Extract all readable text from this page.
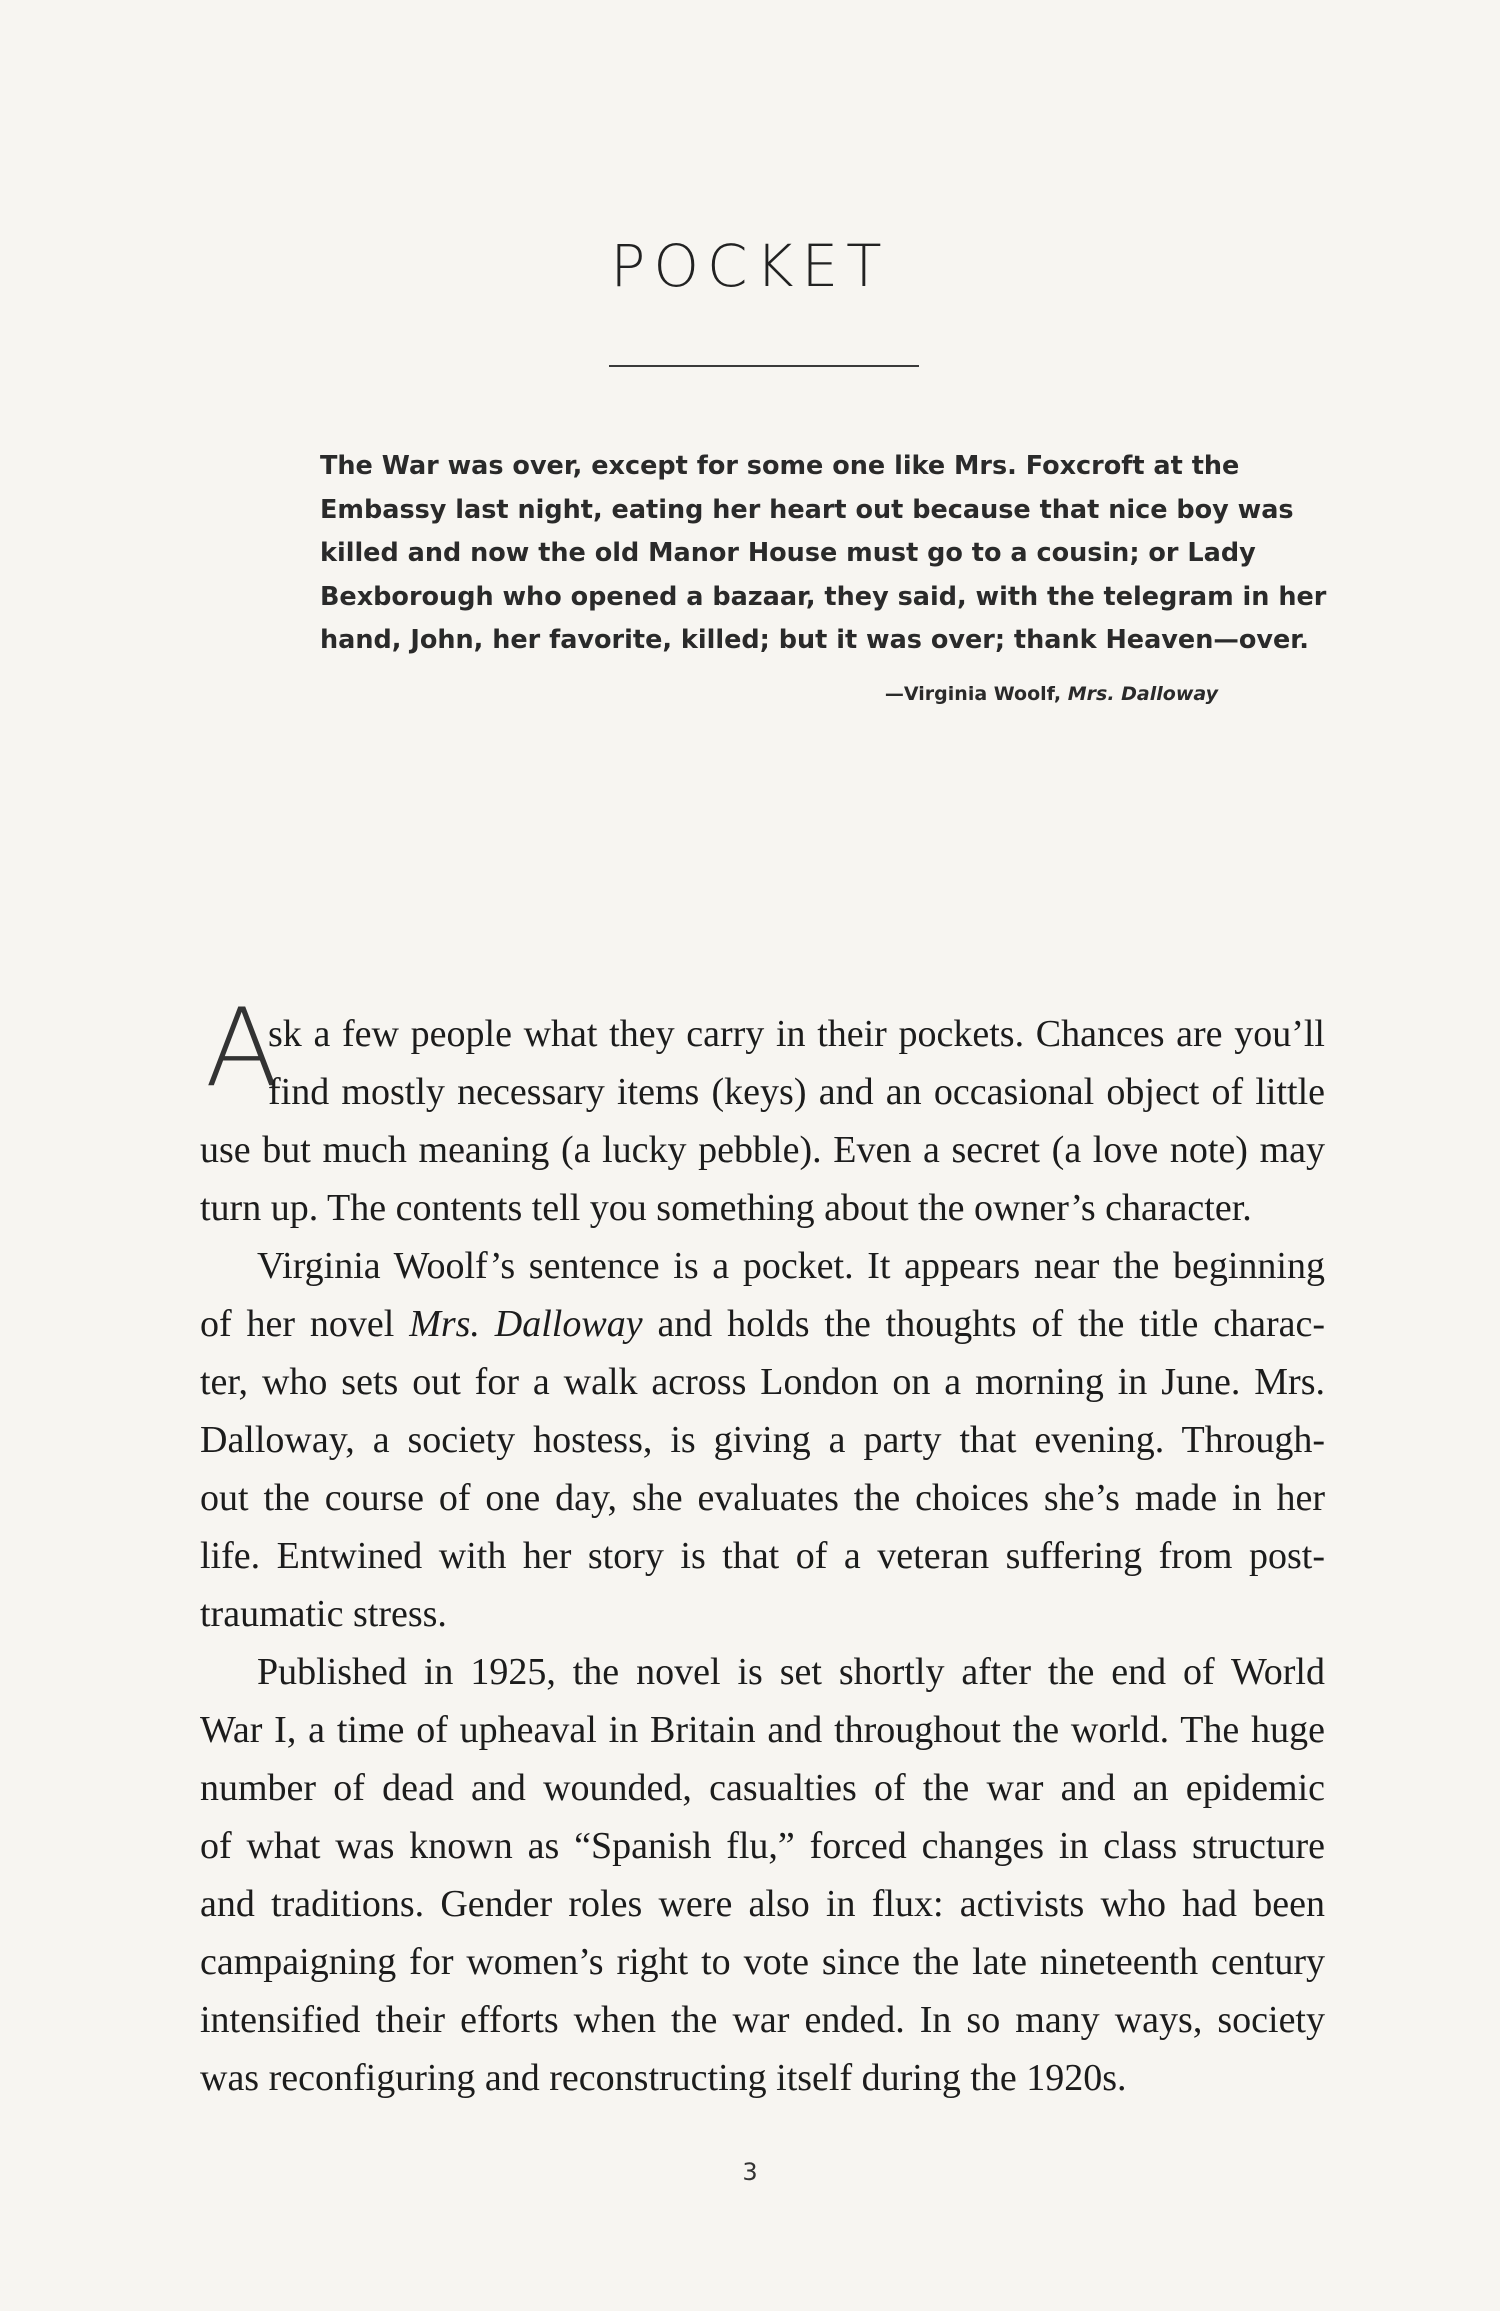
POCKET
The War was over, except for some one like Mrs. Foxcroft at the
Embassy last night, eating her heart out because that nice boy was
killed and now the old Manor House must go to a cousin; or Lady
Bexborough who opened a bazaar, they said, with the telegram in her
hand, John, her favorite, killed; but it was over; thank Heaven—over.
—Virginia Woolf, Mrs. Dalloway
A
sk a few people what they carry in their pockets. Chances are you’ll
find mostly necessary items (keys) and an occasional object of little
use but much meaning (a lucky pebble). Even a secret (a love note) may
turn up. The contents tell you something about the owner’s character.
Virginia Woolf’s sentence is a pocket. It appears near the beginning
of her novel Mrs. Dalloway and holds the thoughts of the title charac-
ter, who sets out for a walk across London on a morning in June. Mrs.
Dalloway, a society hostess, is giving a party that evening. Through-
out the course of one day, she evaluates the choices she’s made in her
life. Entwined with her story is that of a veteran suffering from post-
traumatic stress.
Published in 1925, the novel is set shortly after the end of World
War I, a time of upheaval in Britain and throughout the world. The huge
number of dead and wounded, casualties of the war and an epidemic
of what was known as “Spanish flu,” forced changes in class structure
and traditions. Gender roles were also in flux: activists who had been
campaigning for women’s right to vote since the late nineteenth century
intensified their efforts when the war ended. In so many ways, society
was reconfiguring and reconstructing itself during the 1920s.
3
